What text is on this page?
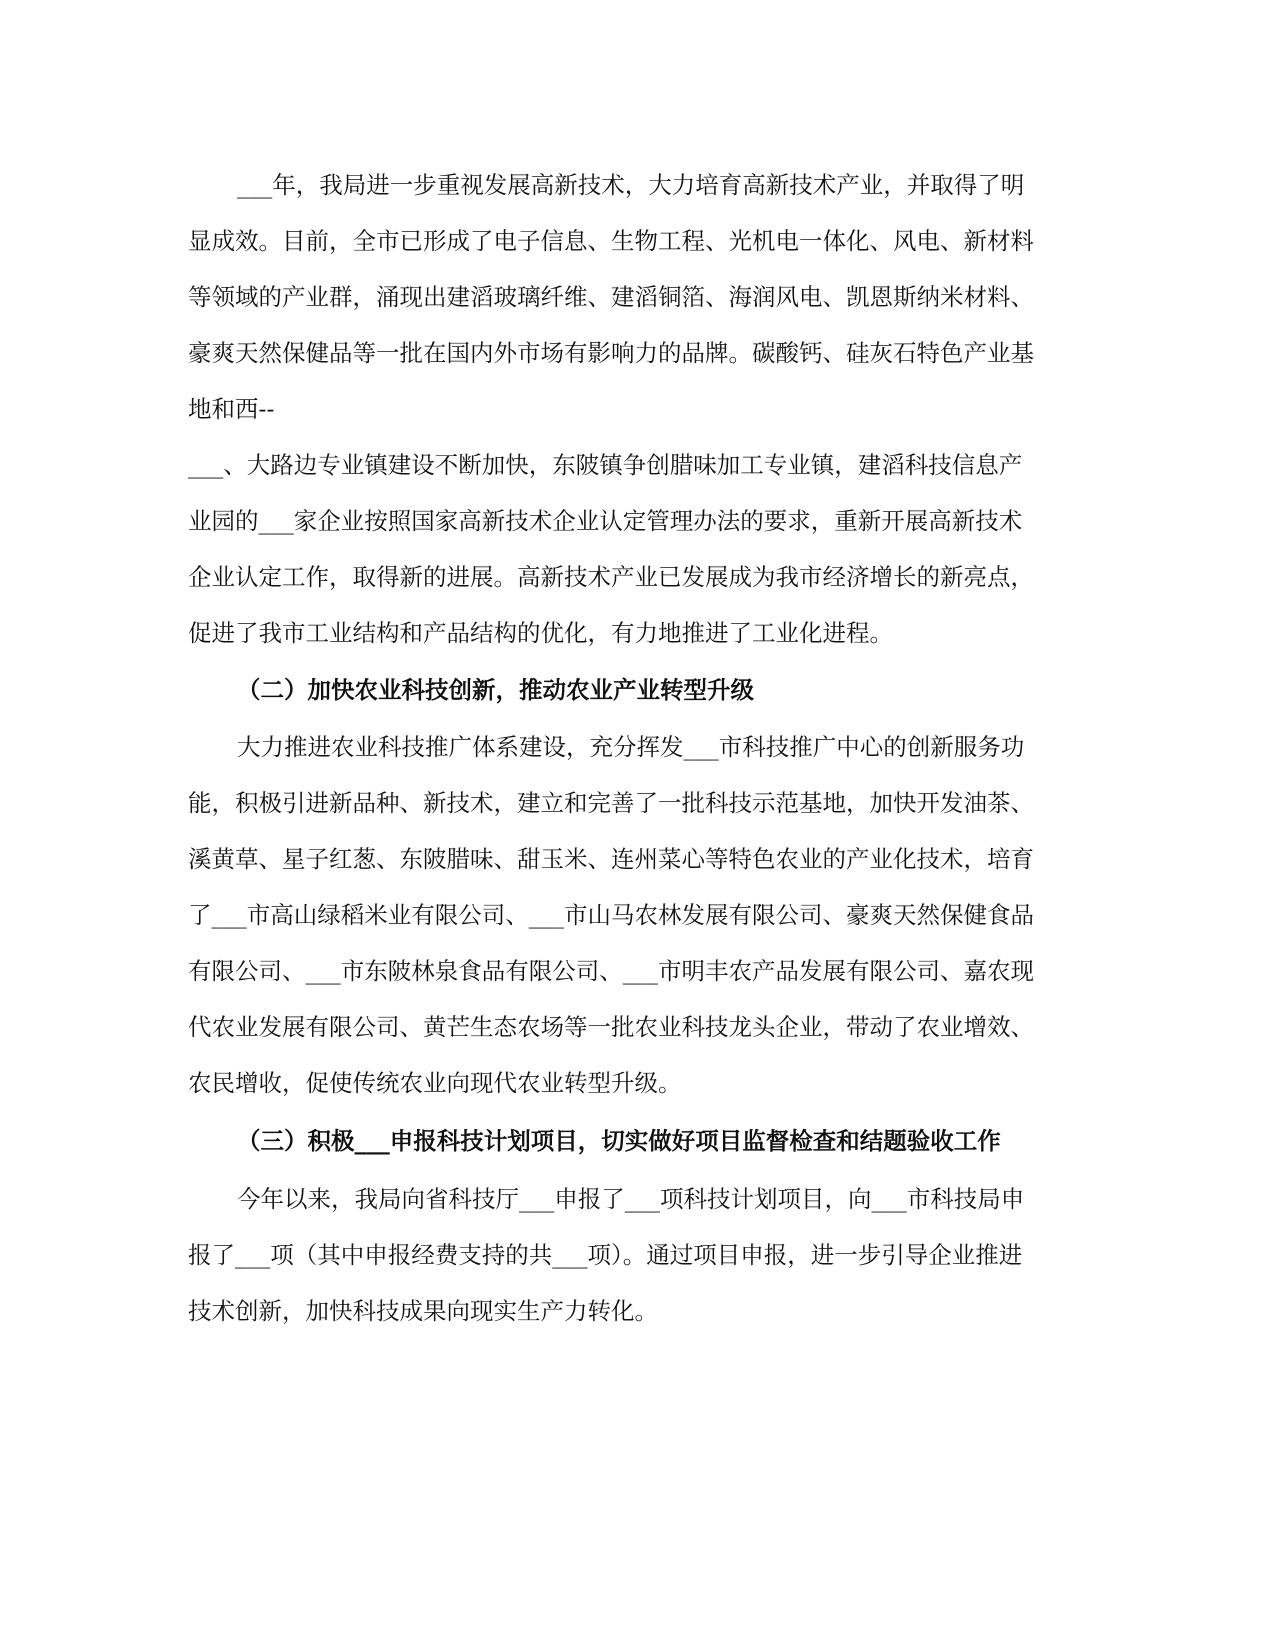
___年，我局进一步重视发展高新技术，大力培育高新技术产业，并取得了明
显成效。目前，全市已形成了电子信息、生物工程、光机电一体化、风电、新材料
等领域的产业群，涌现出建滔玻璃纤维、建滔铜箔、海润风电、凯恩斯纳米材料、
豪爽天然保健品等一批在国内外市场有影响力的品牌。碳酸钙、硅灰石特色产业基
地和西--
___、大路边专业镇建设不断加快，东陂镇争创腊味加工专业镇，建滔科技信息产
业园的___家企业按照国家高新技术企业认定管理办法的要求，重新开展高新技术
企业认定工作，取得新的进展。高新技术产业已发展成为我市经济增长的新亮点，
促进了我市工业结构和产品结构的优化，有力地推进了工业化进程。
（二）加快农业科技创新，推动农业产业转型升级
大力推进农业科技推广体系建设，充分挥发___市科技推广中心的创新服务功
能，积极引进新品种、新技术，建立和完善了一批科技示范基地，加快开发油茶、
溪黄草、星子红葱、东陂腊味、甜玉米、连州菜心等特色农业的产业化技术，培育
了___市高山绿稻米业有限公司、___市山马农林发展有限公司、豪爽天然保健食品
有限公司、___市东陂林泉食品有限公司、___市明丰农产品发展有限公司、嘉农现
代农业发展有限公司、黄芒生态农场等一批农业科技龙头企业，带动了农业增效、
农民增收，促使传统农业向现代农业转型升级。
（三）积极___申报科技计划项目，切实做好项目监督检查和结题验收工作
今年以来，我局向省科技厅___申报了___项科技计划项目，向___市科技局申
报了___项（其中申报经费支持的共___项）。通过项目申报，进一步引导企业推进
技术创新，加快科技成果向现实生产力转化。
